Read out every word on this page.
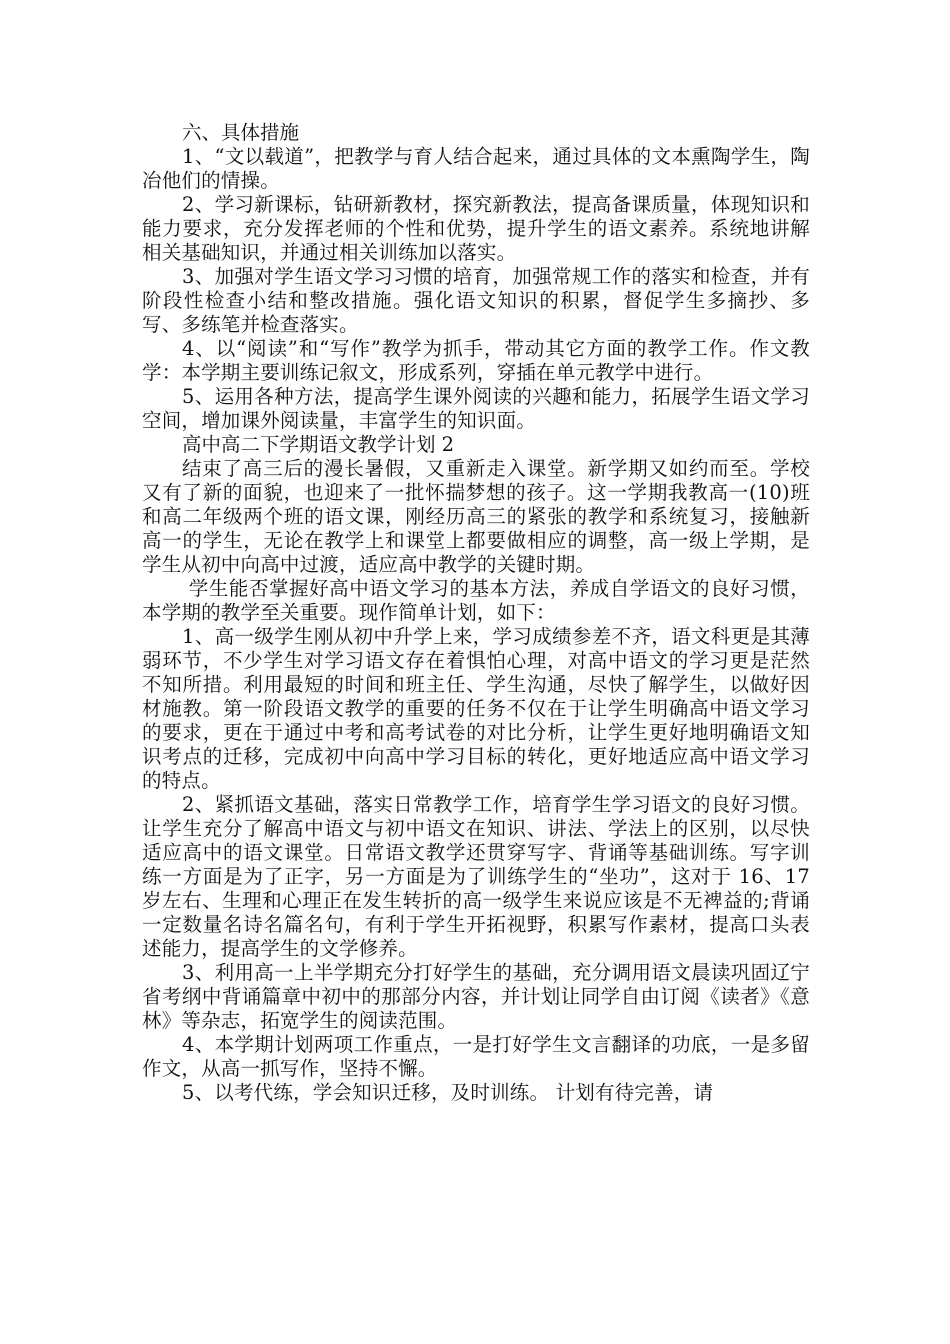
六、具体措施

1、“文以载道”，把教学与育人结合起来，通过具体的文本熏陶学生，陶冶他们的情操。

2、学习新课标，钻研新教材，探究新教法，提高备课质量，体现知识和能力要求，充分发挥老师的个性和优势，提升学生的语文素养。系统地讲解相关基础知识，并通过相关训练加以落实。

3、加强对学生语文学习习惯的培育，加强常规工作的落实和检查，并有阶段性检查小结和整改措施。强化语文知识的积累，督促学生多摘抄、多写、多练笔并检查落实。

4、以“阅读”和“写作”教学为抓手，带动其它方面的教学工作。作文教学：本学期主要训练记叙文，形成系列，穿插在单元教学中进行。

5、运用各种方法，提高学生课外阅读的兴趣和能力，拓展学生语文学习空间，增加课外阅读量，丰富学生的知识面。

高中高二下学期语文教学计划 2

结束了高三后的漫长暑假，又重新走入课堂。新学期又如约而至。学校又有了新的面貌，也迎来了一批怀揣梦想的孩子。这一学期我教高一(10)班和高二年级两个班的语文课，刚经历高三的紧张的教学和系统复习，接触新高一的学生，无论在教学上和课堂上都要做相应的调整，高一级上学期，是学生从初中向高中过渡，适应高中教学的关键时期。

学生能否掌握好高中语文学习的基本方法，养成自学语文的良好习惯，本学期的教学至关重要。现作简单计划，如下：

1、高一级学生刚从初中升学上来，学习成绩参差不齐，语文科更是其薄弱环节，不少学生对学习语文存在着惧怕心理，对高中语文的学习更是茫然不知所措。利用最短的时间和班主任、学生沟通，尽快了解学生，以做好因材施教。第一阶段语文教学的重要的任务不仅在于让学生明确高中语文学习的要求，更在于通过中考和高考试卷的对比分析，让学生更好地明确语文知识考点的迁移，完成初中向高中学习目标的转化，更好地适应高中语文学习的特点。

2、紧抓语文基础，落实日常教学工作，培育学生学习语文的良好习惯。让学生充分了解高中语文与初中语文在知识、讲法、学法上的区别，以尽快适应高中的语文课堂。日常语文教学还贯穿写字、背诵等基础训练。写字训练一方面是为了正字，另一方面是为了训练学生的“坐功”，这对于 16、17 岁左右、生理和心理正在发生转折的高一级学生来说应该是不无裨益的;背诵一定数量名诗名篇名句，有利于学生开拓视野，积累写作素材，提高口头表述能力，提高学生的文学修养。

3、利用高一上半学期充分打好学生的基础，充分调用语文晨读巩固辽宁省考纲中背诵篇章中初中的那部分内容，并计划让同学自由订阅《读者》《意林》等杂志，拓宽学生的阅读范围。

4、本学期计划两项工作重点，一是打好学生文言翻译的功底，一是多留作文，从高一抓写作，坚持不懈。

5、以考代练，学会知识迁移，及时训练。 计划有待完善，请
